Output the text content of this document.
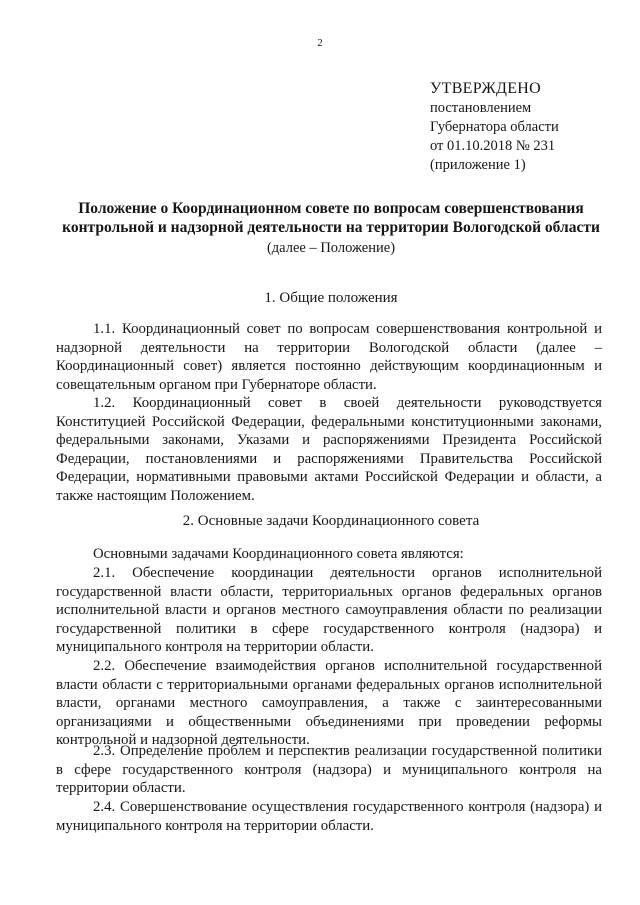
2
УТВЕРЖДЕНО
постановлением
Губернатора области
от 01.10.2018 № 231
(приложение 1)
Положение о Координационном совете по вопросам совершенствования контрольной и надзорной деятельности на территории Вологодской области
(далее – Положение)
1. Общие положения
1.1. Координационный совет по вопросам совершенствования контрольной и надзорной деятельности на территории Вологодской области (далее – Координационный совет) является постоянно действующим координационным и совещательным органом при Губернаторе области.
1.2. Координационный совет в своей деятельности руководствуется Конституцией Российской Федерации, федеральными конституционными законами, федеральными законами, Указами и распоряжениями Президента Российской Федерации, постановлениями и распоряжениями Правительства Российской Федерации, нормативными правовыми актами Российской Федерации и области, а также настоящим Положением.
2. Основные задачи Координационного совета
Основными задачами Координационного совета являются:
2.1. Обеспечение координации деятельности органов исполнительной государственной власти области, территориальных органов федеральных органов исполнительной власти и органов местного самоуправления области по реализации государственной политики в сфере государственного контроля (надзора) и муниципального контроля на территории области.
2.2. Обеспечение взаимодействия органов исполнительной государственной власти области с территориальными органами федеральных органов исполнительной власти, органами местного самоуправления, а также с заинтересованными организациями и общественными объединениями при проведении реформы контрольной и надзорной деятельности.
2.3. Определение проблем и перспектив реализации государственной политики в сфере государственного контроля (надзора) и муниципального контроля на территории области.
2.4. Совершенствование осуществления государственного контроля (надзора) и муниципального контроля на территории области.
